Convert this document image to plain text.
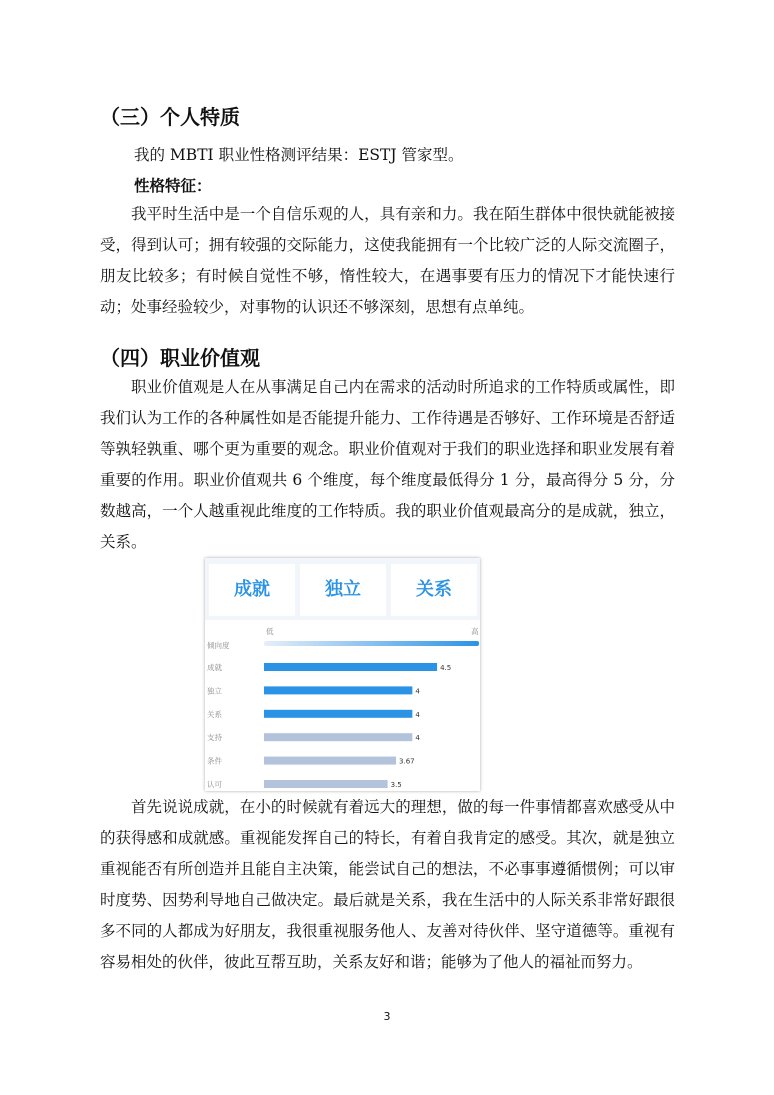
（三）个人特质
我的 MBTI 职业性格测评结果：ESTJ 管家型。
性格特征：

我平时生活中是一个自信乐观的人，具有亲和力。我在陌生群体中很快就能被接受，得到认可；拥有较强的交际能力，这使我能拥有一个比较广泛的人际交流圈子，朋友比较多；有时候自觉性不够，惰性较大，在遇事要有压力的情况下才能快速行动；处事经验较少，对事物的认识还不够深刻，思想有点单纯。

（四）职业价值观

职业价值观是人在从事满足自己内在需求的活动时所追求的工作特质或属性，即我们认为工作的各种属性如是否能提升能力、工作待遇是否够好、工作环境是否舒适等孰轻孰重、哪个更为重要的观念。职业价值观对于我们的职业选择和职业发展有着重要的作用。职业价值观共 6 个维度，每个维度最低得分 1 分，最高得分 5 分，分数越高，一个人越重视此维度的工作特质。我的职业价值观最高分的是成就，独立，关系。

成就	独立	关系
低	高
倾向度
成就	4.5
独立	4
关系	4
支持	4
条件	3.67
认可	3.5

首先说说成就，在小的时候就有着远大的理想，做的每一件事情都喜欢感受从中的获得感和成就感。重视能发挥自己的特长，有着自我肯定的感受。其次，就是独立重视能否有所创造并且能自主决策，能尝试自己的想法，不必事事遵循惯例；可以审时度势、因势利导地自己做决定。最后就是关系，我在生活中的人际关系非常好跟很多不同的人都成为好朋友，我很重视服务他人、友善对待伙伴、坚守道德等。重视有容易相处的伙伴，彼此互帮互助，关系友好和谐；能够为了他人的福祉而努力。

3
